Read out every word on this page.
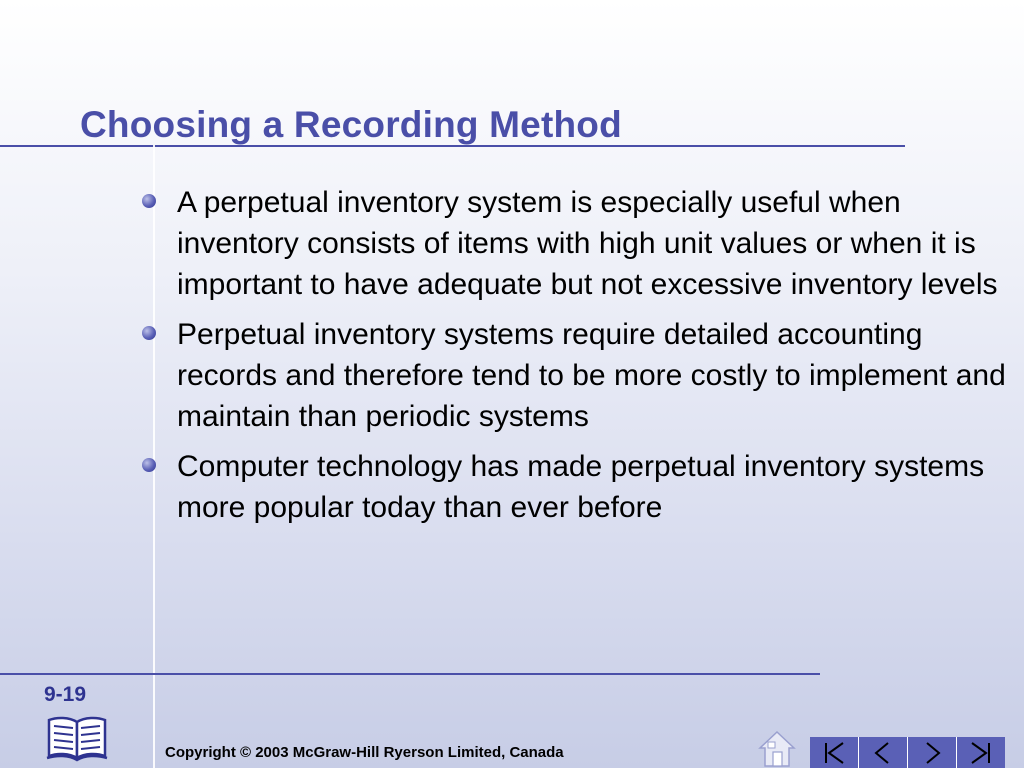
Choosing a Recording Method
A perpetual inventory system is especially useful when inventory consists of items with high unit values or when it is important to have adequate but not excessive inventory levels
Perpetual inventory systems require detailed accounting records and therefore tend to be more costly to implement and maintain than periodic systems
Computer technology has made perpetual inventory systems more popular today than ever before
9-19
Copyright © 2003 McGraw-Hill Ryerson Limited, Canada
